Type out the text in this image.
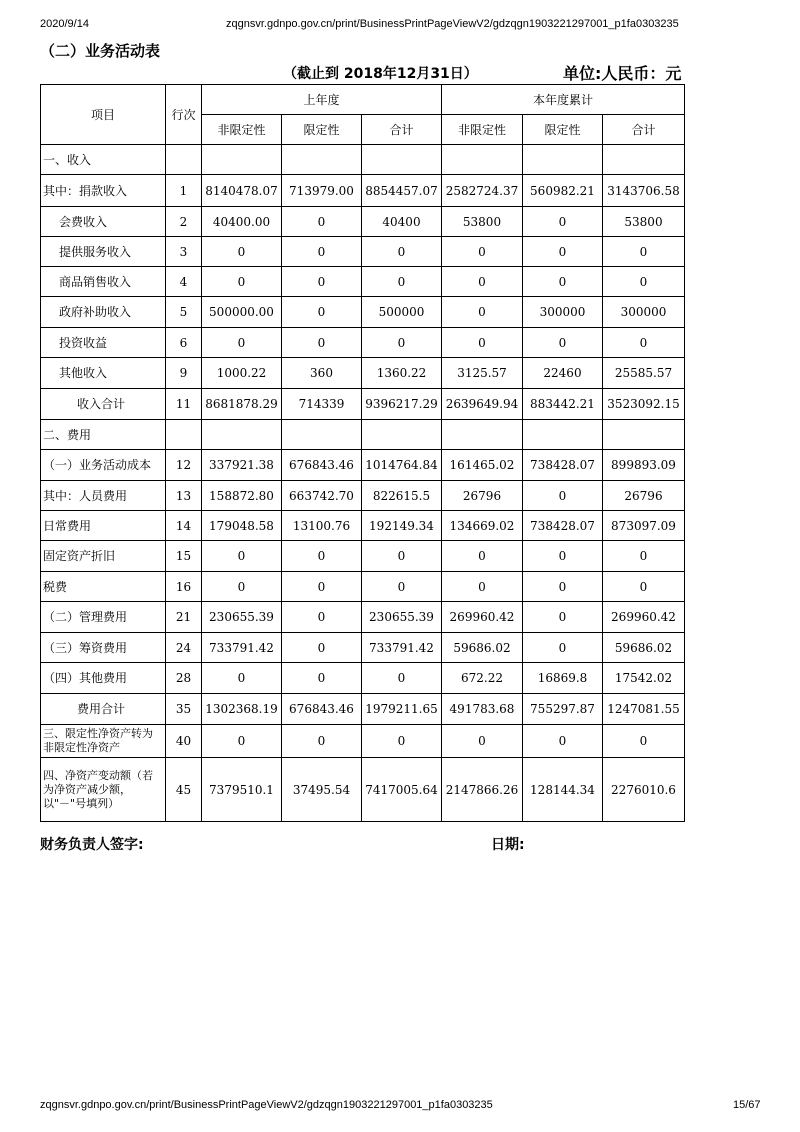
2020/9/14	zqgnsvr.gdnpo.gov.cn/print/BusinessPrintPageViewV2/gdzqgn1903221297001_p1fa0303235
（二）业务活动表
（截止到 2018年12月31日）	单位:人民币：元
项目	行次	上年度			本年度累计		
		非限定性	限定性	合计	非限定性	限定性	合计
一、收入							
其中：捐款收入	1	8140478.07	713979.00	8854457.07	2582724.37	560982.21	3143706.58
会费收入	2	40400.00	0	40400	53800	0	53800
提供服务收入	3	0	0	0	0	0	0
商品销售收入	4	0	0	0	0	0	0
政府补助收入	5	500000.00	0	500000	0	300000	300000
投资收益	6	0	0	0	0	0	0
其他收入	9	1000.22	360	1360.22	3125.57	22460	25585.57
收入合计	11	8681878.29	714339	9396217.29	2639649.94	883442.21	3523092.15
二、费用							
（一）业务活动成本	12	337921.38	676843.46	1014764.84	161465.02	738428.07	899893.09
其中：人员费用	13	158872.80	663742.70	822615.5	26796	0	26796
日常费用	14	179048.58	13100.76	192149.34	134669.02	738428.07	873097.09
固定资产折旧	15	0	0	0	0	0	0
税费	16	0	0	0	0	0	0
（二）管理费用	21	230655.39	0	230655.39	269960.42	0	269960.42
（三）筹资费用	24	733791.42	0	733791.42	59686.02	0	59686.02
（四）其他费用	28	0	0	0	672.22	16869.8	17542.02
费用合计	35	1302368.19	676843.46	1979211.65	491783.68	755297.87	1247081.55
三、限定性净资产转为非限定性净资产	40	0	0	0	0	0	0
四、净资产变动额（若为净资产减少额，以"－"号填列）	45	7379510.1	37495.54	7417005.64	2147866.26	128144.34	2276010.6
财务负责人签字:	日期:
zqgnsvr.gdnpo.gov.cn/print/BusinessPrintPageViewV2/gdzqgn1903221297001_p1fa0303235	15/67
